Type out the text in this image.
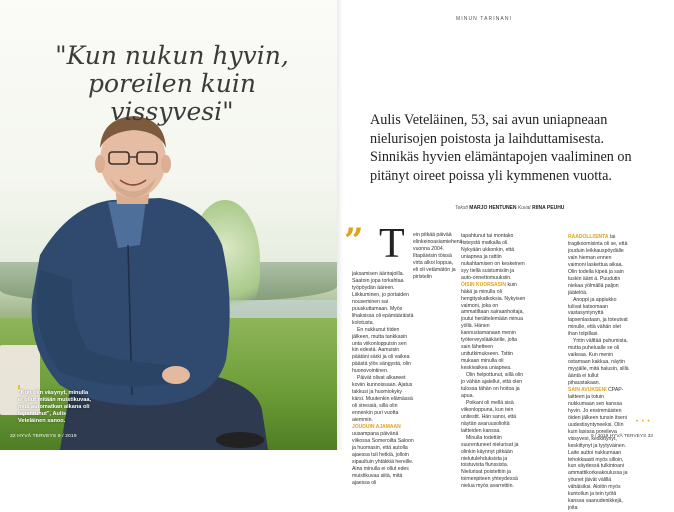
"Kun nukun hyvin, poreilen kuin vissyvesi"
"Kun olin väsynyt, minulla ei ollut mitään muistikuvaa, mitä automatkan aikana oli tapahtunut", Aulis Veteläinen sanoo.
32 HYVÄ TERVEYS 9 / 2019
MINUN TARINANI
Aulis Veteläinen, 53, sai avun uniapneaan nielurisojen poistosta ja laihduttamisesta. Sinnikäs hyvien elämäntapojen vaaliminen on pitänyt oireet poissa yli kymmenen vuotta.
Teksti MARJO HENTUNEN Kuvat RIINA PEUHU
” T ein pitkää päivää elinkeinoasiamiehenä vuonna 2004. Iltapäivisin töissä virta alkoi loppua, eli oli vetämätön ja piristelin

jaksamisen äärirajoilla. Saatoin jopa torkahtaa työpöydän ääreen. Liikkuminen, jo portaiden nouseminen sai puuskuttamaan. Myös lihaksissa oli epämääräistä kolotusta.

En nukkunut tiiden jälkeen, mutta tankkasin unta viikonloppuisin sen kin edestä. Aamuisin päätäni särki ja oli vaikea päästä ylös sängystä, olin huonovointinen.

Päivät olivat alkaneet koviin kunnoissaan. Ajatus takkusi ja huomiokyky kärsi. Muutenkin elämässä oli stressiä, sillä olin ennenkin puri vuotta aiemmin.

JOUDUIN AJAMAAN uusampana päivänä viikossa Someroilta Saloon ja huomasin, että autolla ajaessa tuli hetkiä, jolloin sipaultuin yhtäkkiä hereille. Aina minulla ei ollut edes muistikuvaa siitä, mitä ajaessa oli

tapahtunut tai montako risteystä matkalla oli. Nykyään ukkonkin, että uniapnea ja rattiin nukahtamisen on keskeinen syy tiellä suistumisiin ja auto-onnettomuuksiin.

ÖISIN KUORSASIN kuin häkä ja minulla oli hengityskatkoksia. Nykyisen vaimoni, joka on ammatiltaan sairaanhoitaja, joutui herättelemään minua yöllä. Hänen kannustamanaan menin työterveyslääkärille, jolta sain lähetteen unitutkimukseen. Tsttin mukaan minulla oli keskivaikea uniapnea.

Olin helpottunut, sillä olin jo vähän ajatellut, että olen tulossa tähän on hoitoa ja apua.

Poikani oli mellä sisä viikonloppuna, kun tein unitestit. Hän sanoi, että näytän avaruusolioltä laitteiden kanssa.

Minulla todettiin suurentuneet nielurisat ja olinkin käynnyt pitkään nielutulehduksista ja toistuvista flunssista. Nielurisat poistettiin ja toimenpiteen yhteydessä nielua myös avarrettiin.

RAADOLLISINTA tai tragikoomisinta oli se, että jouduin leikkauspöydälle vain hieman ennen vaimoni laskettua aikaa. Olin todella kipeä ja sain tuskin äänt ä. Puudutin niekaa yölmällä paljon jäätelöä.

Anoppi ja appiukko tulivat katsomaan vastasyntynyttä lapsenlastaan, ja toteutvat minulle, että vähän olet ihan tolpillasi.

Yritin välttää puhumista, mutta puhelualle se oli vaikeaa. Kun menin ostamaan kakkua, näytin myyjälle, mitä halusin, sillä ääntä ei tullut pihaustakaan.

SAIN AVUKSENI CPAP-laitteen ja totuin nukkumaan sen kanssa hyvin. Jo ensimmäisten öiden jälkeen tunsin itseni uudestisyntyneeksi. Olin kuin lasissa poreileva vissyvesi, keskittynyt, keskittynyt ja tyytyväinen. Laite auttoi nukkumaan tehokkaasti myös silloin, kun väydessä tulkintoani ammattikorkeakoulussa ja yöunet jäivät välillä vähäisiksi. Aloitin myös kuntoilun ja tein työtä kanssa vaanudenikkejä, joita

• • •
9 / 2019 HYVÄ TERVEYS 33
